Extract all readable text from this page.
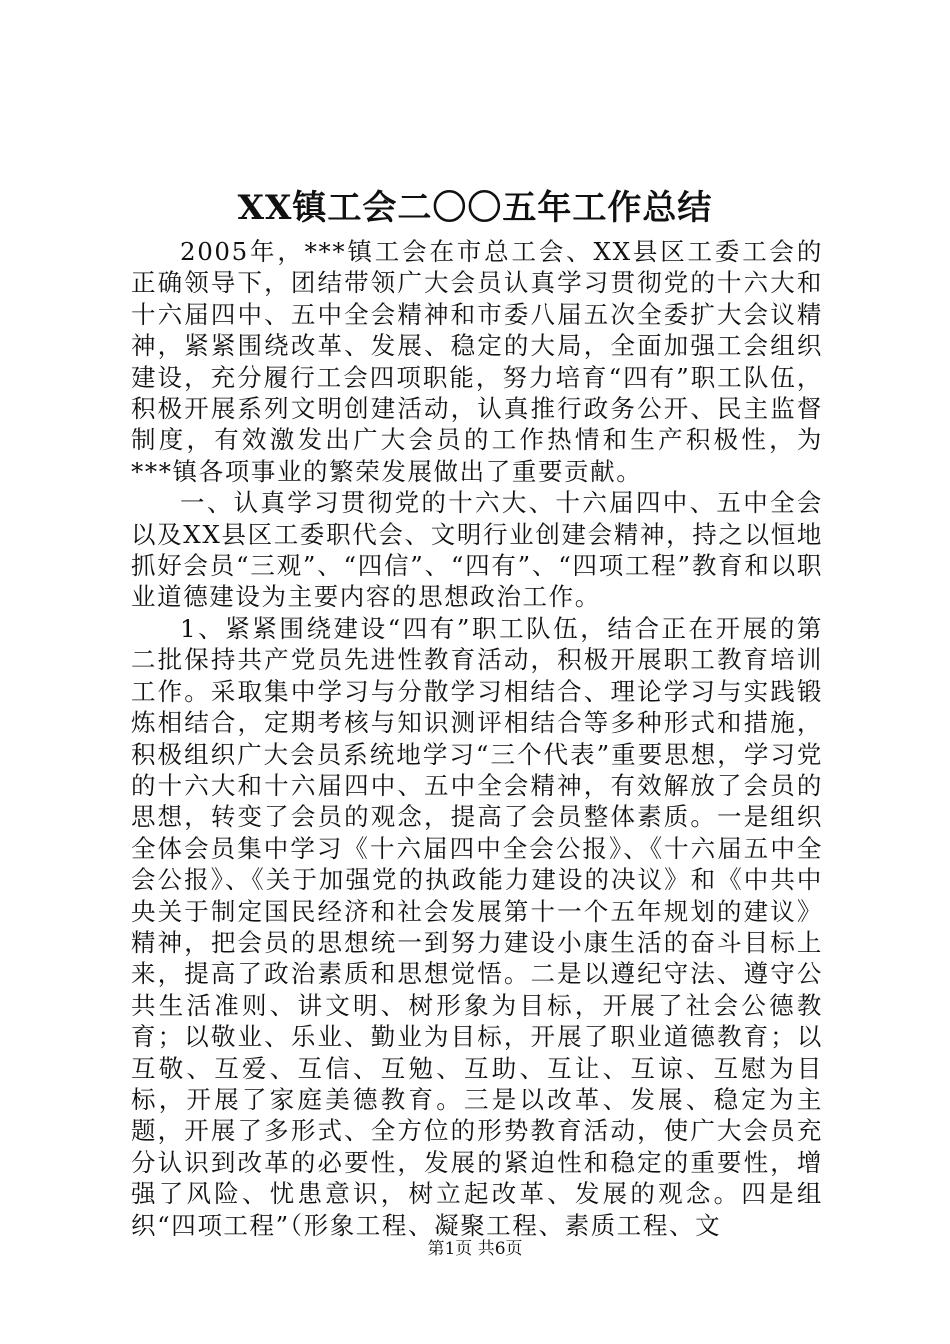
XX镇工会二〇〇五年工作总结

2005年，***镇工会在市总工会、XX县区工委工会的正确领导下，团结带领广大会员认真学习贯彻党的十六大和十六届四中、五中全会精神和市委八届五次全委扩大会议精神，紧紧围绕改革、发展、稳定的大局，全面加强工会组织建设，充分履行工会四项职能，努力培育“四有”职工队伍，积极开展系列文明创建活动，认真推行政务公开、民主监督制度，有效激发出广大会员的工作热情和生产积极性，为***镇各项事业的繁荣发展做出了重要贡献。

一、认真学习贯彻党的十六大、十六届四中、五中全会以及XX县区工委职代会、文明行业创建会精神，持之以恒地抓好会员“三观”、“四信”、“四有”、“四项工程”教育和以职业道德建设为主要内容的思想政治工作。

1、紧紧围绕建设“四有”职工队伍，结合正在开展的第二批保持共产党员先进性教育活动，积极开展职工教育培训工作。采取集中学习与分散学习相结合、理论学习与实践锻炼相结合，定期考核与知识测评相结合等多种形式和措施，积极组织广大会员系统地学习“三个代表”重要思想，学习党的十六大和十六届四中、五中全会精神，有效解放了会员的思想，转变了会员的观念，提高了会员整体素质。一是组织全体会员集中学习《十六届四中全会公报》、《十六届五中全会公报》、《关于加强党的执政能力建设的决议》和《中共中央关于制定国民经济和社会发展第十一个五年规划的建议》精神，把会员的思想统一到努力建设小康生活的奋斗目标上来，提高了政治素质和思想觉悟。二是以遵纪守法、遵守公共生活准则、讲文明、树形象为目标，开展了社会公德教育；以敬业、乐业、勤业为目标，开展了职业道德教育；以互敬、互爱、互信、互勉、互助、互让、互谅、互慰为目标，开展了家庭美德教育。三是以改革、发展、稳定为主题，开展了多形式、全方位的形势教育活动，使广大会员充分认识到改革的必要性，发展的紧迫性和稳定的重要性，增强了风险、忧患意识，树立起改革、发展的观念。四是组织“四项工程”（形象工程、凝聚工程、素质工程、文

第1页 共6页
